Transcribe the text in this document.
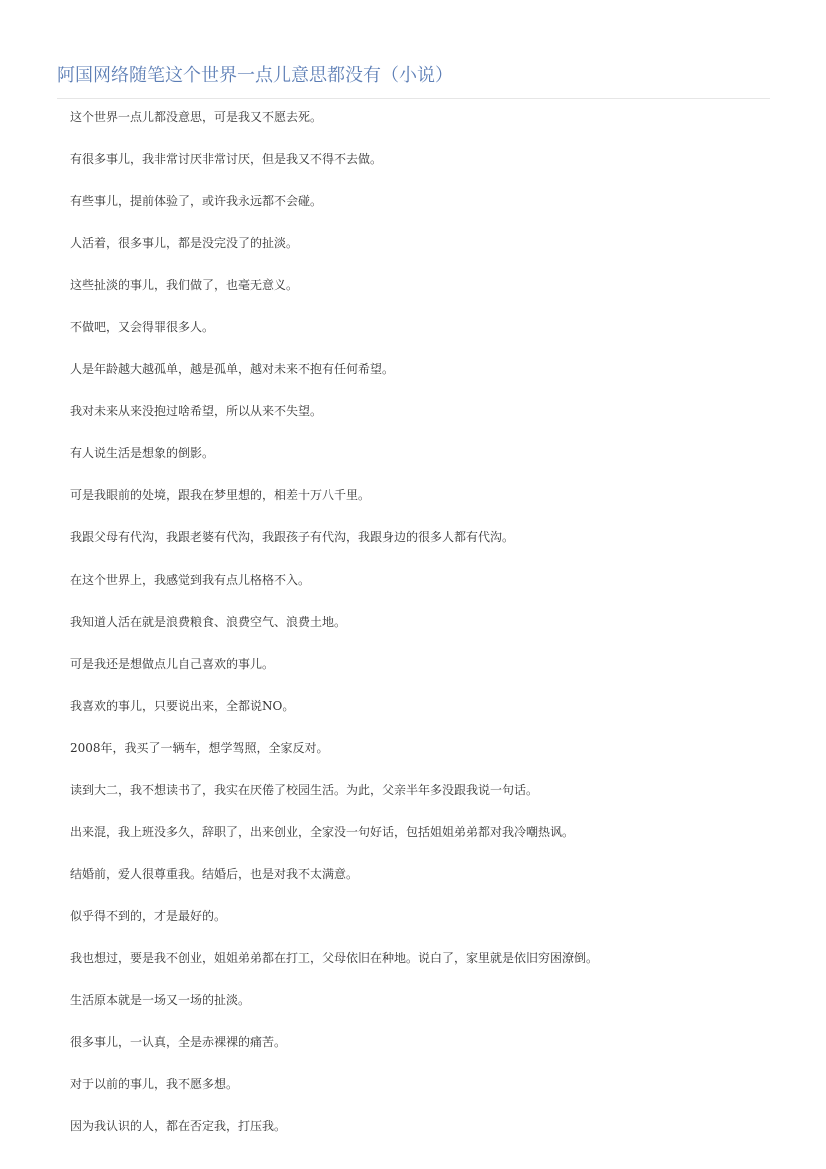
阿国网络随笔这个世界一点儿意思都没有（小说）
这个世界一点儿都没意思，可是我又不愿去死。
有很多事儿，我非常讨厌非常讨厌，但是我又不得不去做。
有些事儿，提前体验了，或许我永远都不会碰。
人活着，很多事儿，都是没完没了的扯淡。
这些扯淡的事儿，我们做了，也毫无意义。
不做吧，又会得罪很多人。
人是年龄越大越孤单，越是孤单，越对未来不抱有任何希望。
我对未来从来没抱过啥希望，所以从来不失望。
有人说生活是想象的倒影。
可是我眼前的处境，跟我在梦里想的，相差十万八千里。
我跟父母有代沟，我跟老婆有代沟，我跟孩子有代沟，我跟身边的很多人都有代沟。
在这个世界上，我感觉到我有点儿格格不入。
我知道人活在就是浪费粮食、浪费空气、浪费土地。
可是我还是想做点儿自己喜欢的事儿。
我喜欢的事儿，只要说出来，全都说NO。
2008年，我买了一辆车，想学驾照，全家反对。
读到大二，我不想读书了，我实在厌倦了校园生活。为此，父亲半年多没跟我说一句话。
出来混，我上班没多久，辞职了，出来创业，全家没一句好话，包括姐姐弟弟都对我冷嘲热讽。
结婚前，爱人很尊重我。结婚后，也是对我不太满意。
似乎得不到的，才是最好的。
我也想过，要是我不创业，姐姐弟弟都在打工，父母依旧在种地。说白了，家里就是依旧穷困潦倒。
生活原本就是一场又一场的扯淡。
很多事儿，一认真，全是赤裸裸的痛苦。
对于以前的事儿，我不愿多想。
因为我认识的人，都在否定我，打压我。
